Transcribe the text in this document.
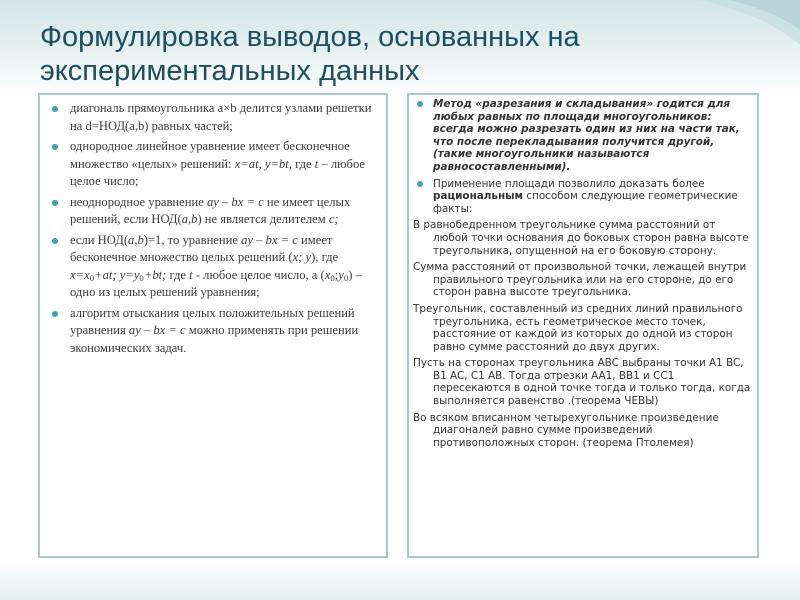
Формулировка выводов, основанных на экспериментальных данных
диагональ прямоугольника a×b делится узлами решетки на d=НОД(a,b) равных частей;
однородное линейное уравнение имеет бесконечное множество «целых» решений: x=at, y=bt, где t – любое целое число;
неоднородное уравнение ay – bx = c не имеет целых решений, если НОД(a,b) не является делителем c;
если НОД(a,b)=1, то уравнение ay – bx = c имеет бесконечное множество целых решений (x; y), где $x=x_0+at$; $y=y_0+bt$; где t - любое целое число, а $(x_0;y_0)$ – одно из целых решений уравнения;
алгоритм отыскания целых положительных решений уравнения ay – bx = c можно применять при решении экономических задач.
Метод «разрезания и складывания» годится для любых равных по площади многоугольников: всегда можно разрезать один из них на части так, что после перекладывания получится другой, (такие многоугольники называются равносоставленными).
Применение площади позволило доказать более рациональным способом следующие геометрические факты:
В равнобедренном треугольнике сумма расстояний от любой точки основания до боковых сторон равна высоте треугольника, опущенной на его боковую сторону.
Сумма расстояний от произвольной точки, лежащей внутри правильного треугольника или на его стороне, до его сторон равна высоте треугольника.
Треугольник, составленный из средних линий правильного треугольника, есть геометрическое место точек, расстояние от каждой из которых до одной из сторон равно сумме расстояний до двух других.
Пусть на сторонах треугольника ABC выбраны точки A1 BC, B1 AC, C1 AB. Тогда отрезки AA1, BB1 и CC1 пересекаются в одной точке тогда и только тогда, когда выполняется равенство .(теорема ЧЕВЫ)
Во всяком вписанном четырехугольнике произведение диагоналей равно сумме произведений противоположных сторон. (теорема Птолемея)
